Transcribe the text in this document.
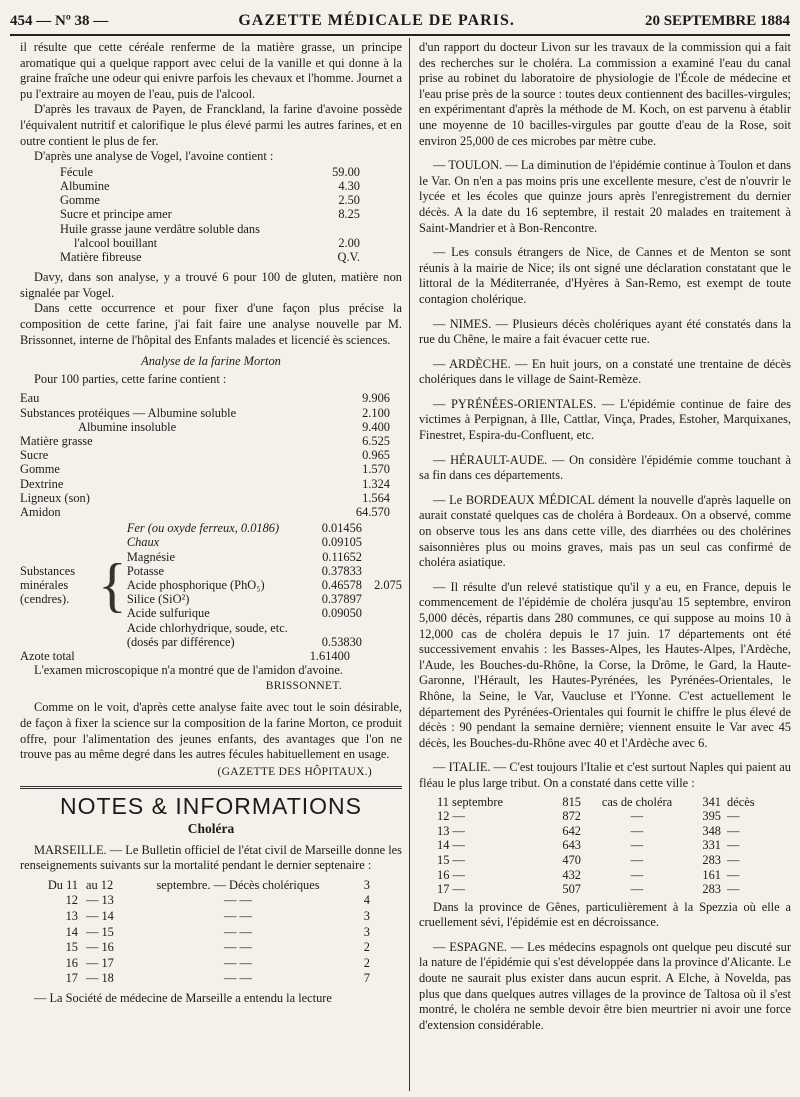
454 — Nº 38 —	GAZETTE MÉDICALE DE PARIS.	20 SEPTEMBRE 1884

il résulte que cette céréale renferme de la matière grasse, un principe aromatique qui a quelque rapport avec celui de la vanille et qui donne à la graine fraîche une odeur qui enivre parfois les chevaux et l'homme. Journet a pu l'extraire au moyen de l'eau, puis de l'alcool.

D'après les travaux de Payen, de Franckland, la farine d'avoine possède l'équivalent nutritif et calorifique le plus élevé parmi les autres farines, et en outre contient le plus de fer.

D'après une analyse de Vogel, l'avoine contient :

Fécule	59.00
Albumine	4.30
Gomme	2.50
Sucre et principe amer	8.25
Huile grasse jaune verdâtre soluble dans	
l'alcool bouillant	2.00
Matière fibreuse	Q.V.

Davy, dans son analyse, y a trouvé 6 pour 100 de gluten, matière non signalée par Vogel.

Dans cette occurrence et pour fixer d'une façon plus précise la composition de cette farine, j'ai fait faire une analyse nouvelle par M. Brissonnet, interne de l'hôpital des Enfants malades et licencié ès sciences.

Analyse de la farine Morton

Pour 100 parties, cette farine contient :

Eau	9.906
Substances protéiques — Albumine soluble	2.100
Albumine insoluble	9.400
Matière grasse	6.525
Sucre	0.965
Gomme	1.570
Dextrine	1.324
Ligneux (son)	1.564
Amidon	64.570
Substances minérales (cendres).	{	
Fer (ou oxyde ferreux, 0.0186)	0.01456
Chaux	0.09105
Magnésie	0.11652
Potasse	0.37833
Acide phosphorique (PhO₅)	0.46578
Silice (SiO²)	0.37897
Acide sulfurique	0.09050
Acide chlorhydrique, soude, etc. (dosés par différence)	0.53830
	2.075
Azote total	1.61400

L'examen microscopique n'a montré que de l'amidon d'avoine.

BRISSONNET.

Comme on le voit, d'après cette analyse faite avec tout le soin désirable, de façon à fixer la science sur la composition de la farine Morton, ce produit offre, pour l'alimentation des jeunes enfants, des avantages que l'on ne trouve pas au même degré dans les autres fécules habituellement en usage.

(GAZETTE DES HÔPITAUX.)

NOTES & INFORMATIONS
Choléra

MARSEILLE. — Le Bulletin officiel de l'état civil de Marseille donne les renseignements suivants sur la mortalité pendant le dernier septenaire :

Du 11	au 12	septembre. — Décès cholériques	3
12	— 13	— —	4
13	— 14	— —	3
14	— 15	— —	3
15	— 16	— —	2
16	— 17	— —	2
17	— 18	— —	7

— La Société de médecine de Marseille a entendu la lecture

d'un rapport du docteur Livon sur les travaux de la commission qui a fait des recherches sur le choléra. La commission a examiné l'eau du canal prise au robinet du laboratoire de physiologie de l'École de médecine et l'eau prise près de la source : toutes deux contiennent des bacilles-virgules; en expérimentant d'après la méthode de M. Koch, on est parvenu à établir une moyenne de 10 bacilles-virgules par goutte d'eau de la Rose, soit environ 25,000 de ces microbes par mètre cube.

— TOULON. — La diminution de l'épidémie continue à Toulon et dans le Var. On n'en a pas moins pris une excellente mesure, c'est de n'ouvrir le lycée et les écoles que quinze jours après l'enregistrement du dernier décès. A la date du 16 septembre, il restait 20 malades en traitement à Saint-Mandrier et à Bon-Rencontre.

— Les consuls étrangers de Nice, de Cannes et de Menton se sont réunis à la mairie de Nice; ils ont signé une déclaration constatant que le littoral de la Méditerranée, d'Hyères à San-Remo, est exempt de toute contagion cholérique.

— NIMES. — Plusieurs décès cholériques ayant été constatés dans la rue du Chêne, le maire a fait évacuer cette rue.

— ARDÈCHE. — En huit jours, on a constaté une trentaine de décès cholériques dans le village de Saint-Remèze.

— PYRÉNÉES-ORIENTALES. — L'épidémie continue de faire des victimes à Perpignan, à Ille, Cattlar, Vinça, Prades, Estoher, Marquixanes, Finestret, Espira-du-Confluent, etc.

— HÉRAULT-AUDE. — On considère l'épidémie comme touchant à sa fin dans ces départements.

— Le BORDEAUX MÉDICAL dément la nouvelle d'après laquelle on aurait constaté quelques cas de choléra à Bordeaux. On a observé, comme on observe tous les ans dans cette ville, des diarrhées ou des cholérines saisonnières plus ou moins graves, mais pas un seul cas confirmé de choléra asiatique.

— Il résulte d'un relevé statistique qu'il y a eu, en France, depuis le commencement de l'épidémie de choléra jusqu'au 15 septembre, environ 5,000 décès, répartis dans 280 communes, ce qui suppose au moins 10 à 12,000 cas de choléra depuis le 17 juin. 17 départements ont été successivement envahis : les Basses-Alpes, les Hautes-Alpes, l'Ardèche, l'Aude, les Bouches-du-Rhône, la Corse, la Drôme, le Gard, la Haute-Garonne, l'Hérault, les Hautes-Pyrénées, les Pyrénées-Orientales, le Rhône, la Seine, le Var, Vaucluse et l'Yonne. C'est actuellement le département des Pyrénées-Orientales qui fournit le chiffre le plus élevé de décès : 90 pendant la semaine dernière; viennent ensuite le Var avec 45 décès, les Bouches-du-Rhône avec 40 et l'Ardèche avec 6.

— ITALIE. — C'est toujours l'Italie et c'est surtout Naples qui paient au fléau le plus large tribut. On a constaté dans cette ville :

11 septembre	815	cas de choléra	341	décès
12 —	872	—	395	—
13 —	642	—	348	—
14 —	643	—	331	—
15 —	470	—	283	—
16 —	432	—	161	—
17 —	507	—	283	—

Dans la province de Gênes, particulièrement à la Spezzia où elle a cruellement sévi, l'épidémie est en décroissance.

— ESPAGNE. — Les médecins espagnols ont quelque peu discuté sur la nature de l'épidémie qui s'est développée dans la province d'Alicante. Le doute ne saurait plus exister dans aucun esprit. A Elche, à Novelda, pas plus que dans quelques autres villages de la province de Taltosa où il s'est montré, le choléra ne semble devoir être bien meurtrier ni avoir une force d'extension considérable.
